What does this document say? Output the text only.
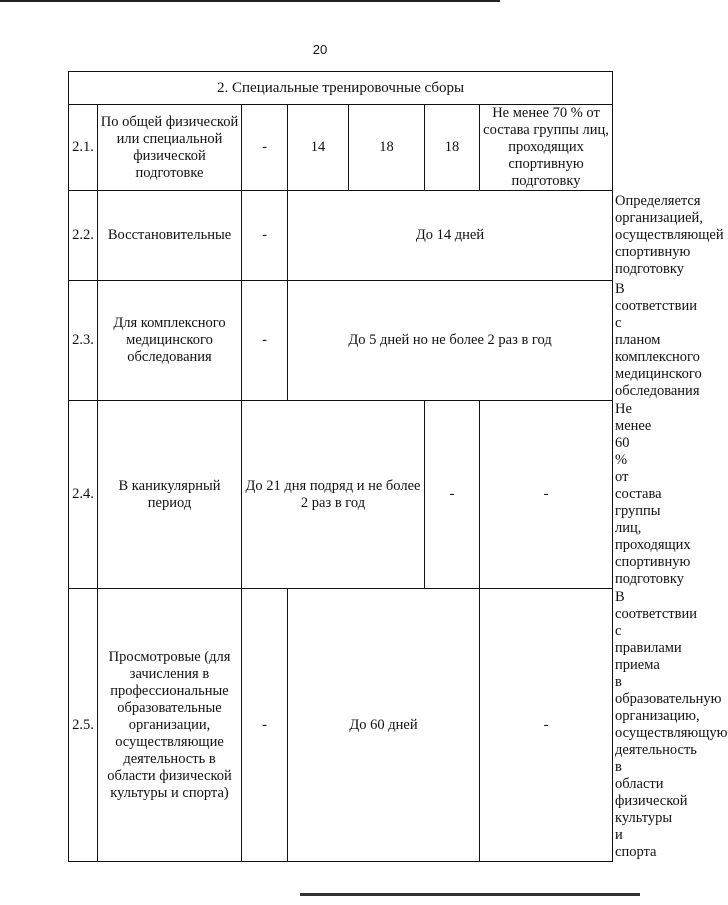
20
2. Специальные тренировочные сборы							
2.1.	По общей физической или специальной физической подготовке	-	14	18	18	Не менее 70 % от состава группы лиц, проходящих спортивную подготовку	
2.2.	Восстановительные	-	До 14 дней				Определяется организацией, осуществляющей спортивную подготовку
2.3.	Для комплексного медицинского обследования	-	До 5 дней но не более 2 раз в год				В соответствии с планом комплексного медицинского обследования
2.4.	В каникулярный период	До 21 дня подряд и не более 2 раз в год			-	-	Не менее 60 % от состава группы лиц, проходящих спортивную подготовку
2.5.	Просмотровые (для зачисления в профессиональные образовательные организации, осуществляющие деятельность в области физической культуры и спорта)	-	До 60 дней			-	В соответствии с правилами приема в образовательную организацию, осуществляющую деятельность в области физической культуры и спорта
